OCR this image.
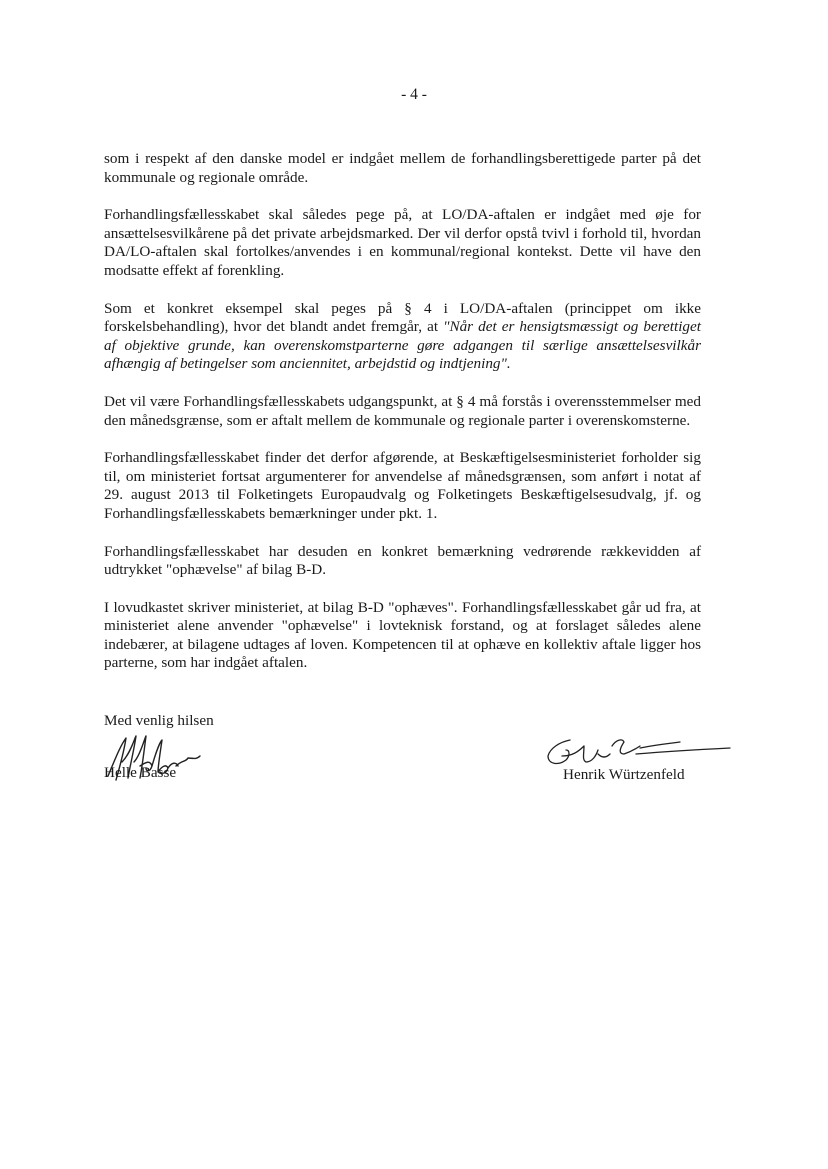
- 4 -

som i respekt af den danske model er indgået mellem de forhandlingsberettigede parter på det kommunale og regionale område.

Forhandlingsfællesskabet skal således pege på, at LO/DA-aftalen er indgået med øje for ansættelsesvilkårene på det private arbejdsmarked. Der vil derfor opstå tvivl i forhold til, hvordan DA/LO-aftalen skal fortolkes/anvendes i en kommunal/regional kontekst. Dette vil have den modsatte effekt af forenkling.

Som et konkret eksempel skal peges på § 4 i LO/DA-aftalen (princippet om ikke forskelsbehandling), hvor det blandt andet fremgår, at "Når det er hensigtsmæssigt og berettiget af objektive grunde, kan overenskomstparterne gøre adgangen til særlige ansættelsesvilkår afhængig af betingelser som anciennitet, arbejdstid og indtjening".

Det vil være Forhandlingsfællesskabets udgangspunkt, at § 4 må forstås i overensstemmelser med den månedsgrænse, som er aftalt mellem de kommunale og regionale parter i overenskomsterne.

Forhandlingsfællesskabet finder det derfor afgørende, at Beskæftigelsesministeriet forholder sig til, om ministeriet fortsat argumenterer for anvendelse af månedsgrænsen, som anført i notat af 29. august 2013 til Folketingets Europaudvalg og Folketingets Beskæftigelsesudvalg, jf. og Forhandlingsfællesskabets bemærkninger under pkt. 1.

Forhandlingsfællesskabet har desuden en konkret bemærkning vedrørende rækkevidden af udtrykket "ophævelse" af bilag B-D.

I lovudkastet skriver ministeriet, at bilag B-D "ophæves". Forhandlingsfællesskabet går ud fra, at ministeriet alene anvender "ophævelse" i lovteknisk forstand, og at forslaget således alene indebærer, at bilagene udtages af loven. Kompetencen til at ophæve en kollektiv aftale ligger hos parterne, som har indgået aftalen.

Med venlig hilsen
Helle Basse	Henrik Würtzenfeld
